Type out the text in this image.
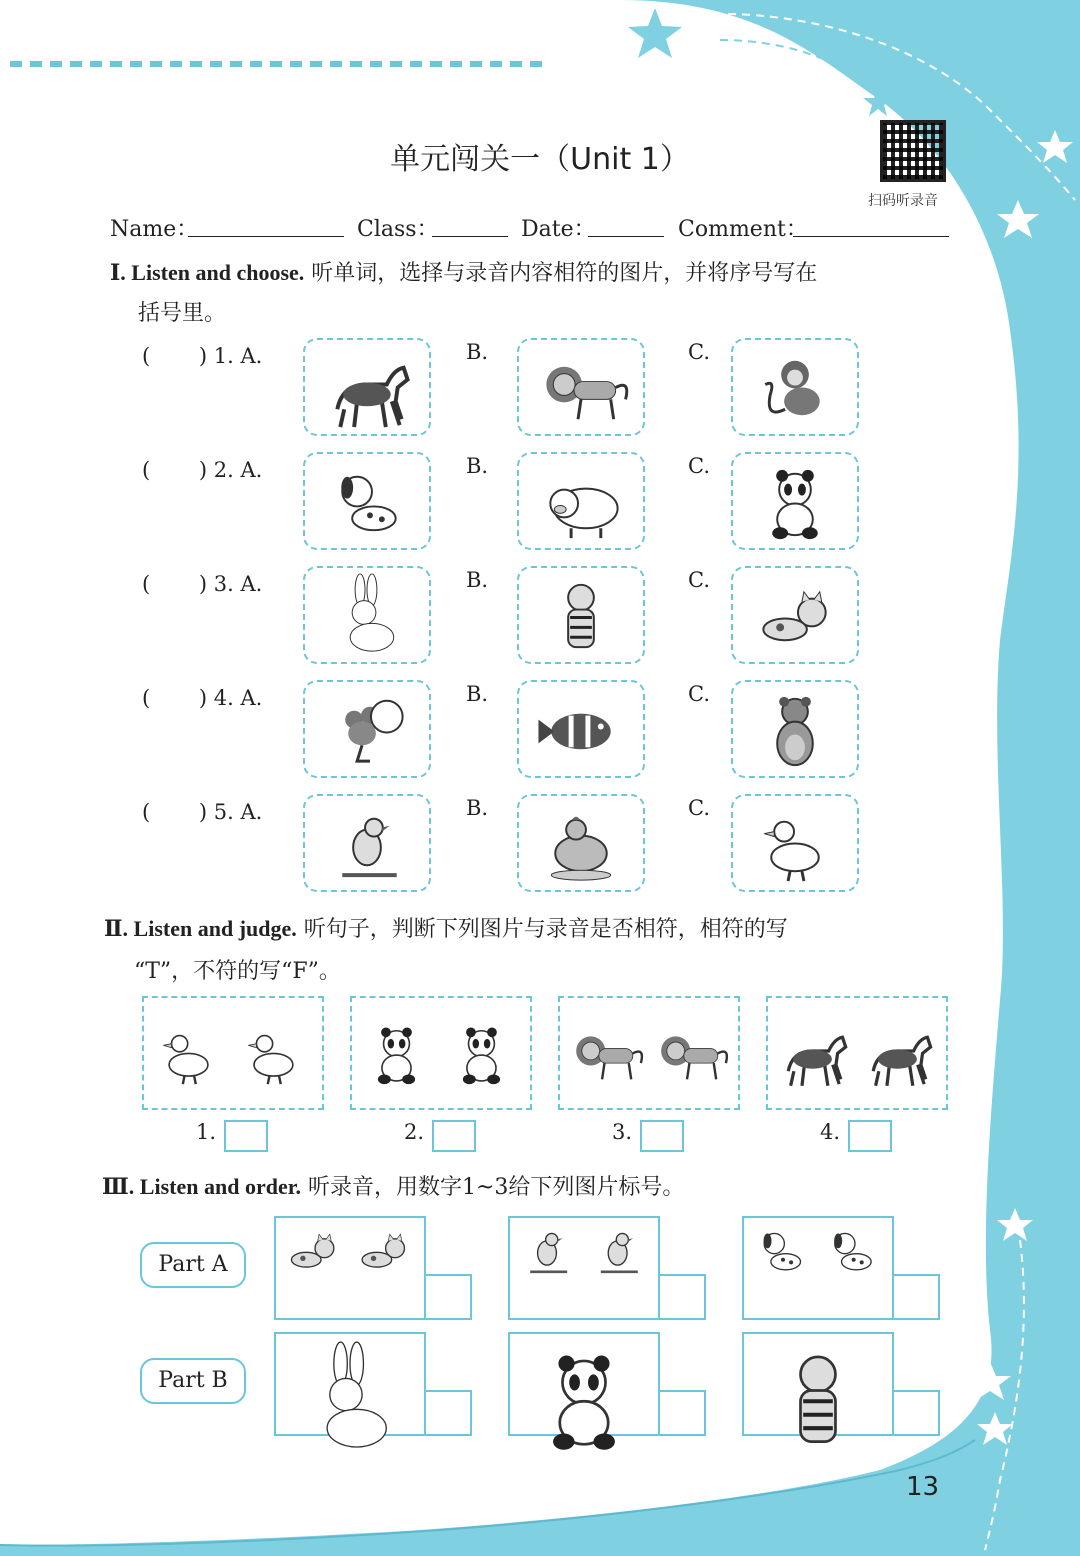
单元闯关一（Unit 1）
扫码听录音
Name：	Class：	Date：	Comment：
Ⅰ. Listen and choose. 听单词，选择与录音内容相符的图片，并将序号写在
括号里。
(　 　) 1. A.	B.	C.
(　 　) 2. A.	B.	C.
(　 　) 3. A.	B.	C.
(　 　) 4. A.	B.	C.
(　 　) 5. A.	B.	C.
Ⅱ. Listen and judge. 听句子，判断下列图片与录音是否相符，相符的写
“T”，不符的写“F”。
1.	2.	3.	4.
Ⅲ. Listen and order. 听录音，用数字1~3给下列图片标号。
Part A
Part B
13
